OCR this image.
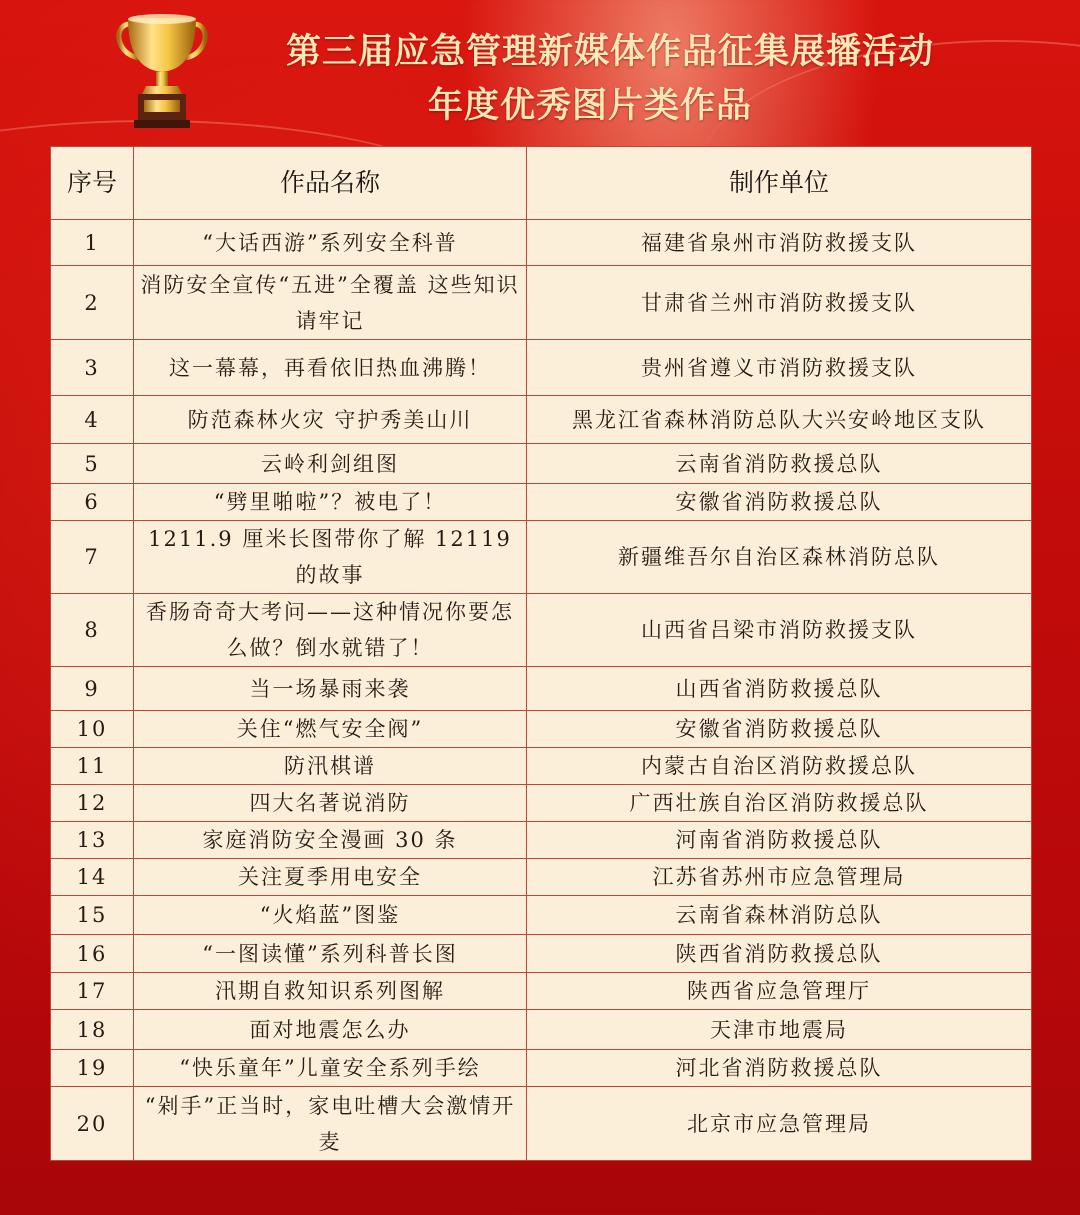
第三届应急管理新媒体作品征集展播活动
年度优秀图片类作品
序号	作品名称	制作单位
1	“大话西游”系列安全科普	福建省泉州市消防救援支队
2	消防安全宣传“五进”全覆盖 这些知识请牢记	甘肃省兰州市消防救援支队
3	这一幕幕，再看依旧热血沸腾！	贵州省遵义市消防救援支队
4	防范森林火灾 守护秀美山川	黑龙江省森林消防总队大兴安岭地区支队
5	云岭利剑组图	云南省消防救援总队
6	“劈里啪啦”？被电了！	安徽省消防救援总队
7	1211.9 厘米长图带你了解 12119 的故事	新疆维吾尔自治区森林消防总队
8	香肠奇奇大考问——这种情况你要怎么做？倒水就错了！	山西省吕梁市消防救援支队
9	当一场暴雨来袭	山西省消防救援总队
10	关住“燃气安全阀”	安徽省消防救援总队
11	防汛棋谱	内蒙古自治区消防救援总队
12	四大名著说消防	广西壮族自治区消防救援总队
13	家庭消防安全漫画 30 条	河南省消防救援总队
14	关注夏季用电安全	江苏省苏州市应急管理局
15	“火焰蓝”图鉴	云南省森林消防总队
16	“一图读懂”系列科普长图	陕西省消防救援总队
17	汛期自救知识系列图解	陕西省应急管理厅
18	面对地震怎么办	天津市地震局
19	“快乐童年”儿童安全系列手绘	河北省消防救援总队
20	“剁手”正当时，家电吐槽大会激情开麦	北京市应急管理局
